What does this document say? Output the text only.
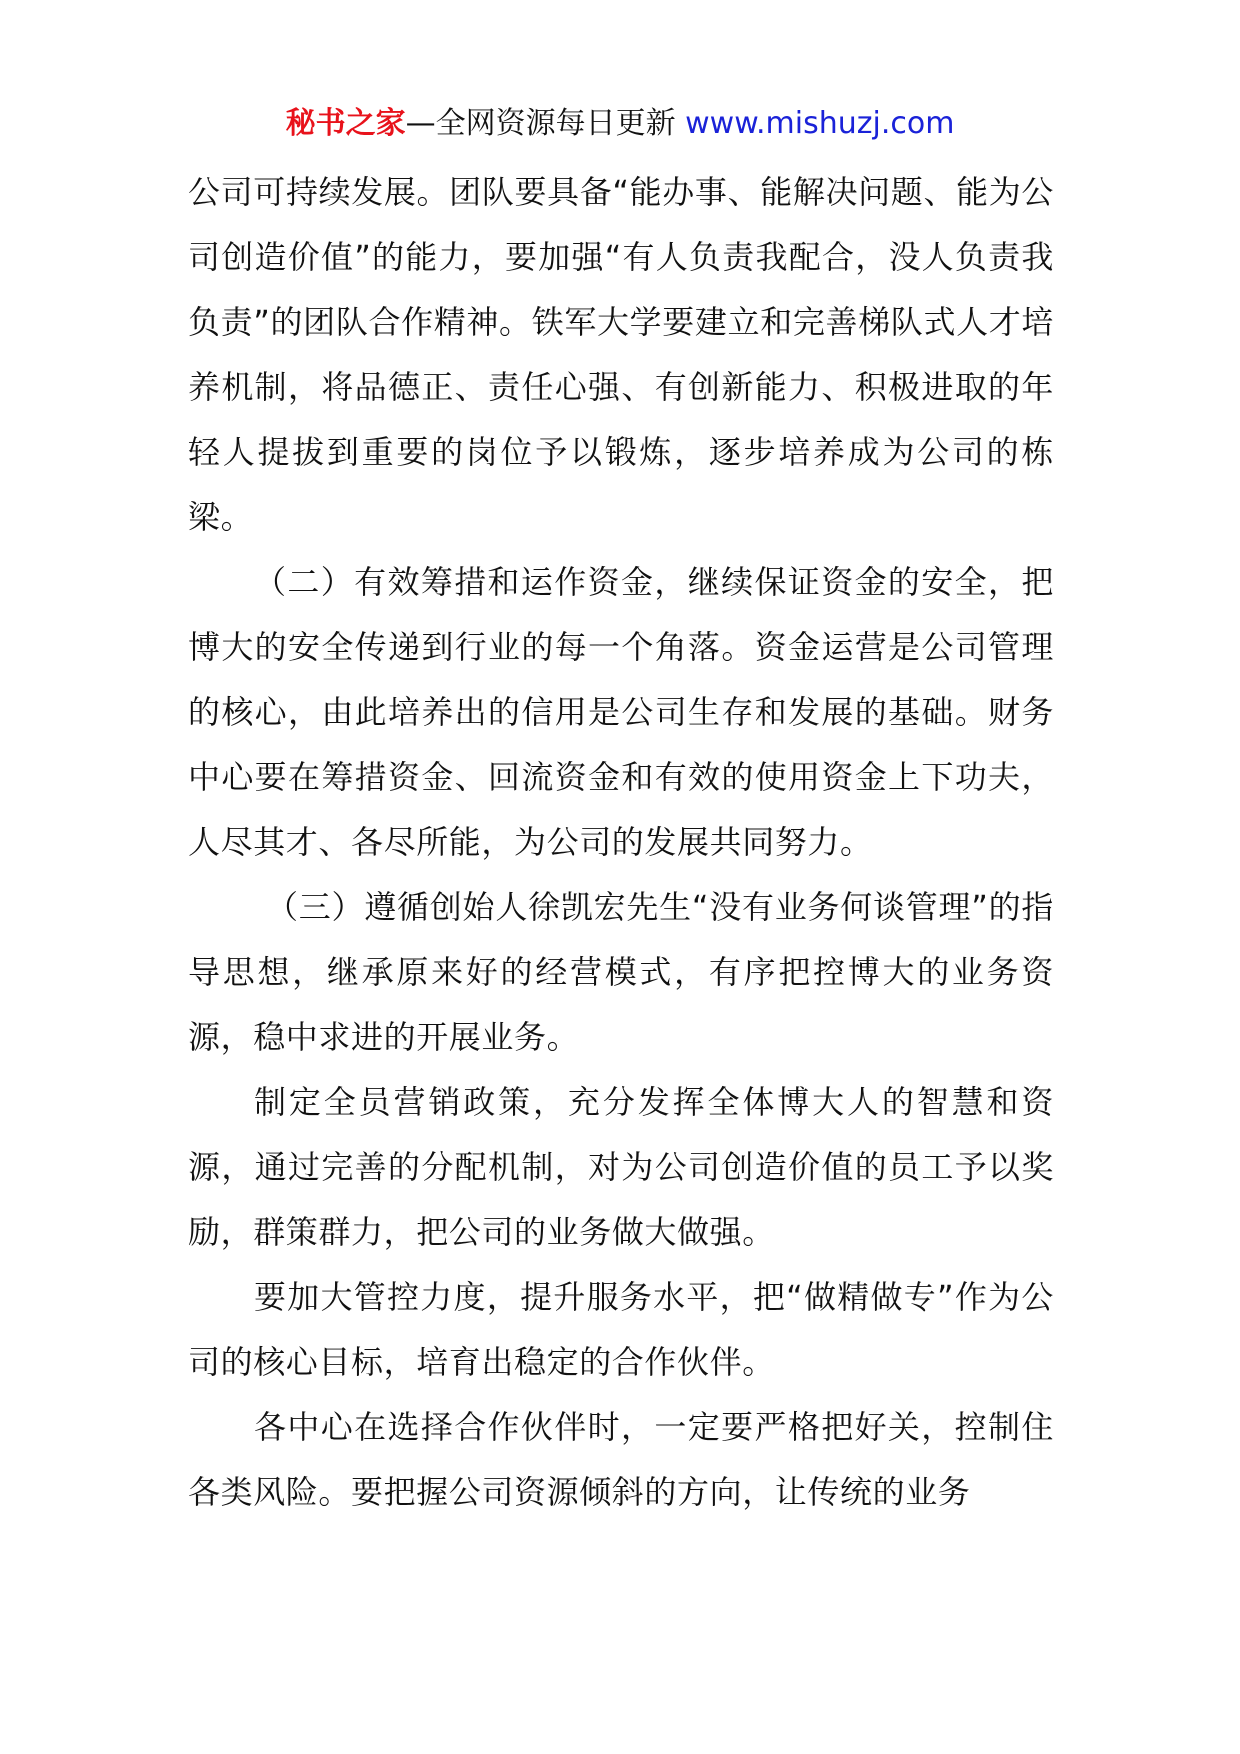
秘书之家—全网资源每日更新 www.mishuzj.com

公司可持续发展。团队要具备“能办事、能解决问题、能为公司创造价值”的能力，要加强“有人负责我配合，没人负责我负责”的团队合作精神。铁军大学要建立和完善梯队式人才培养机制，将品德正、责任心强、有创新能力、积极进取的年轻人提拔到重要的岗位予以锻炼，逐步培养成为公司的栋梁。

（二）有效筹措和运作资金，继续保证资金的安全，把博大的安全传递到行业的每一个角落。资金运营是公司管理的核心，由此培养出的信用是公司生存和发展的基础。财务中心要在筹措资金、回流资金和有效的使用资金上下功夫，人尽其才、各尽所能，为公司的发展共同努力。

（三）遵循创始人徐凯宏先生“没有业务何谈管理”的指导思想，继承原来好的经营模式，有序把控博大的业务资源，稳中求进的开展业务。

制定全员营销政策，充分发挥全体博大人的智慧和资源，通过完善的分配机制，对为公司创造价值的员工予以奖励，群策群力，把公司的业务做大做强。

要加大管控力度，提升服务水平，把“做精做专”作为公司的核心目标，培育出稳定的合作伙伴。

各中心在选择合作伙伴时，一定要严格把好关，控制住各类风险。要把握公司资源倾斜的方向，让传统的业务
